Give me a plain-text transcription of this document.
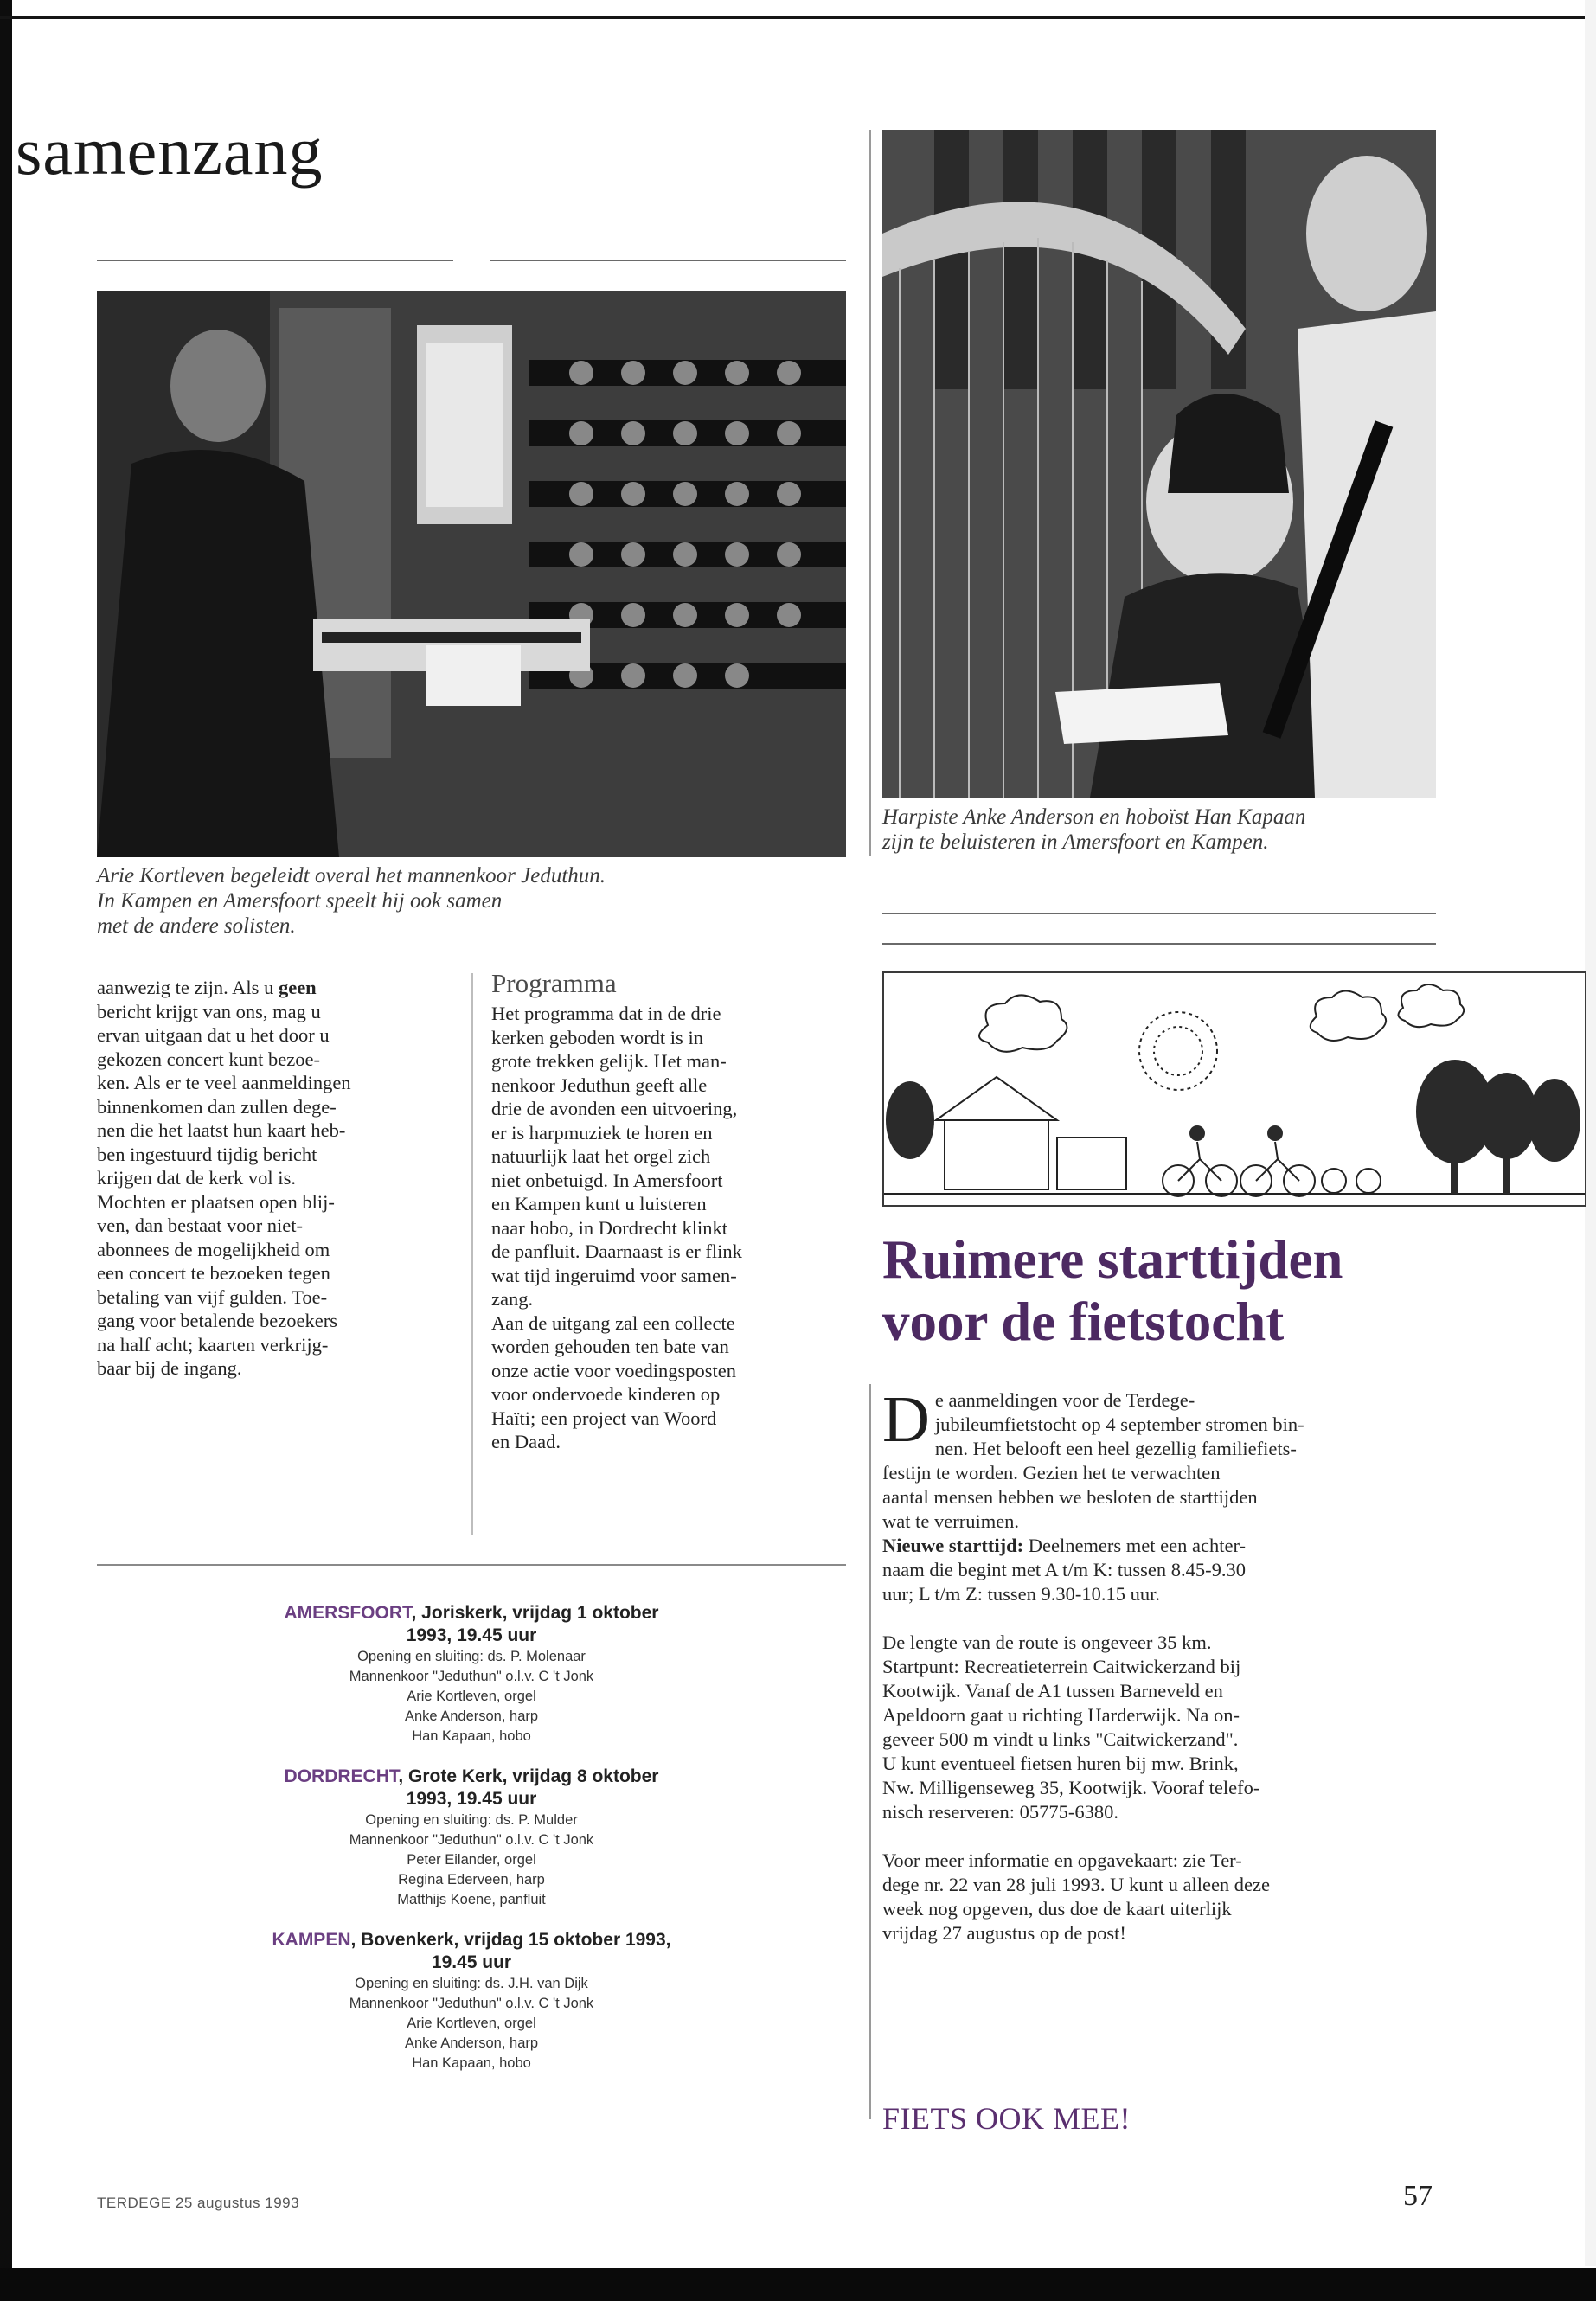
samenzang
Arie Kortleven begeleidt overal het mannenkoor Jeduthun.
In Kampen en Amersfoort speelt hij ook samen
met de andere solisten.
Harpiste Anke Anderson en hoboïst Han Kapaan
zijn te beluisteren in Amersfoort en Kampen.

aanwezig te zijn. Als u geen

bericht krijgt van ons, mag u

ervan uitgaan dat u het door u

gekozen concert kunt bezoe-

ken. Als er te veel aanmeldingen

binnenkomen dan zullen dege-

nen die het laatst hun kaart heb-

ben ingestuurd tijdig bericht

krijgen dat de kerk vol is.

Mochten er plaatsen open blij-

ven, dan bestaat voor niet-

abonnees de mogelijkheid om

een concert te bezoeken tegen

betaling van vijf gulden. Toe-

gang voor betalende bezoekers

na half acht; kaarten verkrijg-

baar bij de ingang.

Programma

Het programma dat in de drie

kerken geboden wordt is in

grote trekken gelijk. Het man-

nenkoor Jeduthun geeft alle

drie de avonden een uitvoering,

er is harpmuziek te horen en

natuurlijk laat het orgel zich

niet onbetuigd. In Amersfoort

en Kampen kunt u luisteren

naar hobo, in Dordrecht klinkt

de panfluit. Daarnaast is er flink

wat tijd ingeruimd voor samen-

zang.

Aan de uitgang zal een collecte

worden gehouden ten bate van

onze actie voor voedingsposten

voor ondervoede kinderen op

Haïti; een project van Woord

en Daad.

AMERSFOORT, Joriskerk, vrijdag 1 oktober
1993, 19.45 uur
Opening en sluiting: ds. P. Molenaar
Mannenkoor "Jeduthun" o.l.v. C 't Jonk
Arie Kortleven, orgel
Anke Anderson, harp
Han Kapaan, hobo
DORDRECHT, Grote Kerk, vrijdag 8 oktober
1993, 19.45 uur
Opening en sluiting: ds. P. Mulder
Mannenkoor "Jeduthun" o.l.v. C 't Jonk
Peter Eilander, orgel
Regina Ederveen, harp
Matthijs Koene, panfluit
KAMPEN, Bovenkerk, vrijdag 15 oktober 1993,
19.45 uur
Opening en sluiting: ds. J.H. van Dijk
Mannenkoor "Jeduthun" o.l.v. C 't Jonk
Arie Kortleven, orgel
Anke Anderson, harp
Han Kapaan, hobo
Ruimere starttijden
voor de fietstocht

D e aanmeldingen voor de Terdege-
jubileumfietstocht op 4 september stromen bin-
nen. Het belooft een heel gezellig familiefiets-
festijn te worden. Gezien het te verwachten
aantal mensen hebben we besloten de starttijden
wat te verruimen.
Nieuwe starttijd: Deelnemers met een achter-
naam die begint met A t/m K: tussen 8.45-9.30
uur; L t/m Z: tussen 9.30-10.15 uur.

De lengte van de route is ongeveer 35 km.
Startpunt: Recreatieterrein Caitwickerzand bij
Kootwijk. Vanaf de A1 tussen Barneveld en
Apeldoorn gaat u richting Harderwijk. Na on-
geveer 500 m vindt u links "Caitwickerzand".
U kunt eventueel fietsen huren bij mw. Brink,
Nw. Milligenseweg 35, Kootwijk. Vooraf telefo-
nisch reserveren: 05775-6380.

Voor meer informatie en opgavekaart: zie Ter-
dege nr. 22 van 28 juli 1993. U kunt u alleen deze
week nog opgeven, dus doe de kaart uiterlijk
vrijdag 27 augustus op de post!

FIETS OOK MEE!
TERDEGE 25 augustus 1993	57
